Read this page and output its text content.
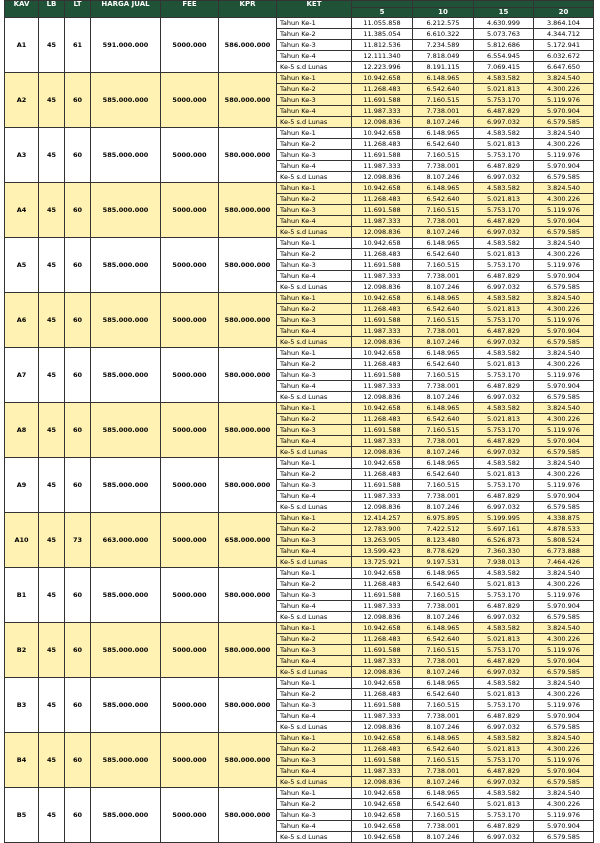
KAV	LB	LT	HARGA JUAL	FEE	KPR	KET				
							5	10	15	20
A1	45	61	591.000.000	5000.000	586.000.000	Tahun Ke-1	11.055.858	6.212.575	4.630.999	3.864.104
						Tahun Ke-2	11.385.054	6.610.322	5.073.763	4.344.712
						Tahun Ke-3	11.812.536	7.234.589	5.812.686	5.172.941
						Tahun Ke-4	12.111.340	7.818.049	6.554.945	6.032.672
						Ke-5 s.d Lunas	12.223.996	8.191.115	7.069.415	6.647.650
A2	45	60	585.000.000	5000.000	580.000.000	Tahun Ke-1	10.942.658	6.148.965	4.583.582	3.824.540
						Tahun Ke-2	11.268.483	6.542.640	5.021.813	4.300.226
						Tahun Ke-3	11.691.588	7.160.515	5.753.170	5.119.976
						Tahun Ke-4	11.987.333	7.738.001	6.487.829	5.970.904
						Ke-5 s.d Lunas	12.098.836	8.107.246	6.997.032	6.579.585
A3	45	60	585.000.000	5000.000	580.000.000	Tahun Ke-1	10.942.658	6.148.965	4.583.582	3.824.540
						Tahun Ke-2	11.268.483	6.542.640	5.021.813	4.300.226
						Tahun Ke-3	11.691.588	7.160.515	5.753.170	5.119.976
						Tahun Ke-4	11.987.333	7.738.001	6.487.829	5.970.904
						Ke-5 s.d Lunas	12.098.836	8.107.246	6.997.032	6.579.585
A4	45	60	585.000.000	5000.000	580.000.000	Tahun Ke-1	10.942.658	6.148.965	4.583.582	3.824.540
						Tahun Ke-2	11.268.483	6.542.640	5.021.813	4.300.226
						Tahun Ke-3	11.691.588	7.160.515	5.753.170	5.119.976
						Tahun Ke-4	11.987.333	7.738.001	6.487.829	5.970.904
						Ke-5 s.d Lunas	12.098.836	8.107.246	6.997.032	6.579.585
A5	45	60	585.000.000	5000.000	580.000.000	Tahun Ke-1	10.942.658	6.148.965	4.583.582	3.824.540
						Tahun Ke-2	11.268.483	6.542.640	5.021.813	4.300.226
						Tahun Ke-3	11.691.588	7.160.515	5.753.170	5.119.976
						Tahun Ke-4	11.987.333	7.738.001	6.487.829	5.970.904
						Ke-5 s.d Lunas	12.098.836	8.107.246	6.997.032	6.579.585
A6	45	60	585.000.000	5000.000	580.000.000	Tahun Ke-1	10.942.658	6.148.965	4.583.582	3.824.540
						Tahun Ke-2	11.268.483	6.542.640	5.021.813	4.300.226
						Tahun Ke-3	11.691.588	7.160.515	5.753.170	5.119.976
						Tahun Ke-4	11.987.333	7.738.001	6.487.829	5.970.904
						Ke-5 s.d Lunas	12.098.836	8.107.246	6.997.032	6.579.585
A7	45	60	585.000.000	5000.000	580.000.000	Tahun Ke-1	10.942.658	6.148.965	4.583.582	3.824.540
						Tahun Ke-2	11.268.483	6.542.640	5.021.813	4.300.226
						Tahun Ke-3	11.691.588	7.160.515	5.753.170	5.119.976
						Tahun Ke-4	11.987.333	7.738.001	6.487.829	5.970.904
						Ke-5 s.d Lunas	12.098.836	8.107.246	6.997.032	6.579.585
A8	45	60	585.000.000	5000.000	580.000.000	Tahun Ke-1	10.942.658	6.148.965	4.583.582	3.824.540
						Tahun Ke-2	11.268.483	6.542.640	5.021.813	4.300.226
						Tahun Ke-3	11.691.588	7.160.515	5.753.170	5.119.976
						Tahun Ke-4	11.987.333	7.738.001	6.487.829	5.970.904
						Ke-5 s.d Lunas	12.098.836	8.107.246	6.997.032	6.579.585
A9	45	60	585.000.000	5000.000	580.000.000	Tahun Ke-1	10.942.658	6.148.965	4.583.582	3.824.540
						Tahun Ke-2	11.268.483	6.542.640	5.021.813	4.300.226
						Tahun Ke-3	11.691.588	7.160.515	5.753.170	5.119.976
						Tahun Ke-4	11.987.333	7.738.001	6.487.829	5.970.904
						Ke-5 s.d Lunas	12.098.836	8.107.246	6.997.032	6.579.585
A10	45	73	663.000.000	5000.000	658.000.000	Tahun Ke-1	12.414.257	6.975.895	5.199.995	4.338.875
						Tahun Ke-2	12.783.900	7.422.512	5.697.161	4.878.533
						Tahun Ke-3	13.263.905	8.123.480	6.526.873	5.808.524
						Tahun Ke-4	13.599.423	8.778.629	7.360.330	6.773.888
						Ke-5 s.d Lunas	13.725.921	9.197.531	7.938.013	7.464.426
B1	45	60	585.000.000	5000.000	580.000.000	Tahun Ke-1	10.942.658	6.148.965	4.583.582	3.824.540
						Tahun Ke-2	11.268.483	6.542.640	5.021.813	4.300.226
						Tahun Ke-3	11.691.588	7.160.515	5.753.170	5.119.976
						Tahun Ke-4	11.987.333	7.738.001	6.487.829	5.970.904
						Ke-5 s.d Lunas	12.098.836	8.107.246	6.997.032	6.579.585
B2	45	60	585.000.000	5000.000	580.000.000	Tahun Ke-1	10.942.658	6.148.965	4.583.582	3.824.540
						Tahun Ke-2	11.268.483	6.542.640	5.021.813	4.300.226
						Tahun Ke-3	11.691.588	7.160.515	5.753.170	5.119.976
						Tahun Ke-4	11.987.333	7.738.001	6.487.829	5.970.904
						Ke-5 s.d Lunas	12.098.836	8.107.246	6.997.032	6.579.585
B3	45	60	585.000.000	5000.000	580.000.000	Tahun Ke-1	10.942.658	6.148.965	4.583.582	3.824.540
						Tahun Ke-2	11.268.483	6.542.640	5.021.813	4.300.226
						Tahun Ke-3	11.691.588	7.160.515	5.753.170	5.119.976
						Tahun Ke-4	11.987.333	7.738.001	6.487.829	5.970.904
						Ke-5 s.d Lunas	12.098.836	8.107.246	6.997.032	6.579.585
B4	45	60	585.000.000	5000.000	580.000.000	Tahun Ke-1	10.942.658	6.148.965	4.583.582	3.824.540
						Tahun Ke-2	11.268.483	6.542.640	5.021.813	4.300.226
						Tahun Ke-3	11.691.588	7.160.515	5.753.170	5.119.976
						Tahun Ke-4	11.987.333	7.738.001	6.487.829	5.970.904
						Ke-5 s.d Lunas	12.098.836	8.107.246	6.997.032	6.579.585
B5	45	60	585.000.000	5000.000	580.000.000	Tahun Ke-1	10.942.658	6.148.965	4.583.582	3.824.540
						Tahun Ke-2	10.942.658	6.542.640	5.021.813	4.300.226
						Tahun Ke-3	10.942.658	7.160.515	5.753.170	5.119.976
						Tahun Ke-4	10.942.658	7.738.001	6.487.829	5.970.904
						Ke-5 s.d Lunas	10.942.658	8.107.246	6.997.032	6.579.585
